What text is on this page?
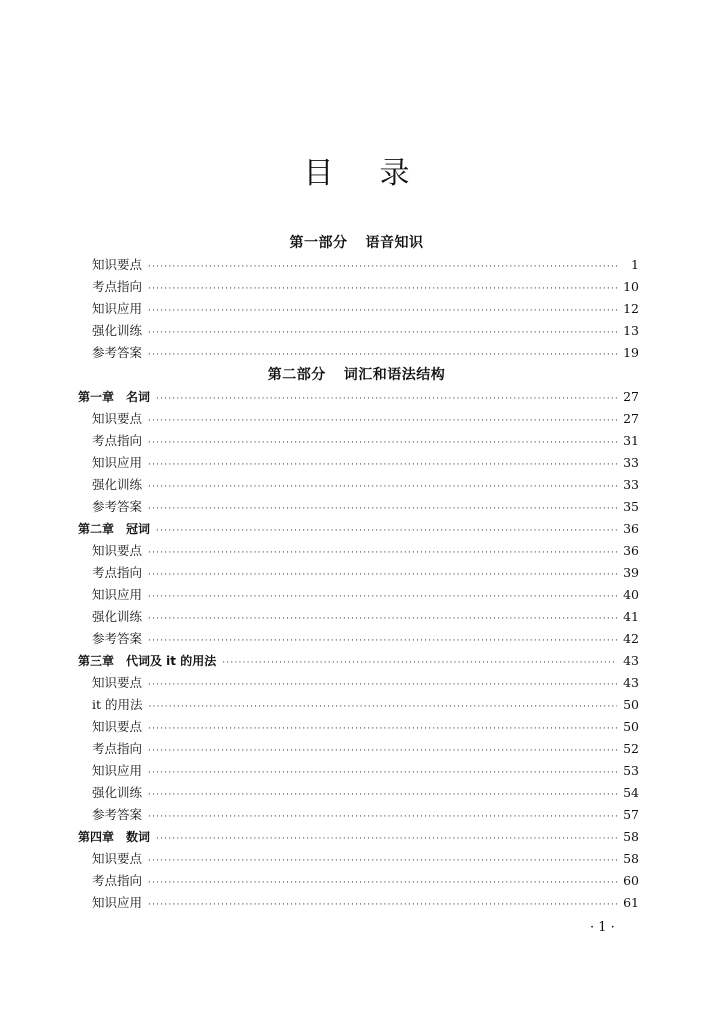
目 录
第一部分 语音知识
知识要点 ·····	1
考点指向 ·····	10
知识应用 ·····	12
强化训练 ·····	13
参考答案 ·····	19
第二部分 词汇和语法结构
第一章　名词 ·····	27
知识要点 ·····	27
考点指向 ·····	31
知识应用 ·····	33
强化训练 ·····	33
参考答案 ·····	35
第二章　冠词 ·····	36
知识要点 ·····	36
考点指向 ·····	39
知识应用 ·····	40
强化训练 ·····	41
参考答案 ·····	42
第三章　代词及 it 的用法 ·····	43
知识要点 ·····	43
it 的用法 ·····	50
知识要点 ·····	50
考点指向 ·····	52
知识应用 ·····	53
强化训练 ·····	54
参考答案 ·····	57
第四章　数词 ·····	58
知识要点 ·····	58
考点指向 ·····	60
知识应用 ·····	61
· 1 ·
